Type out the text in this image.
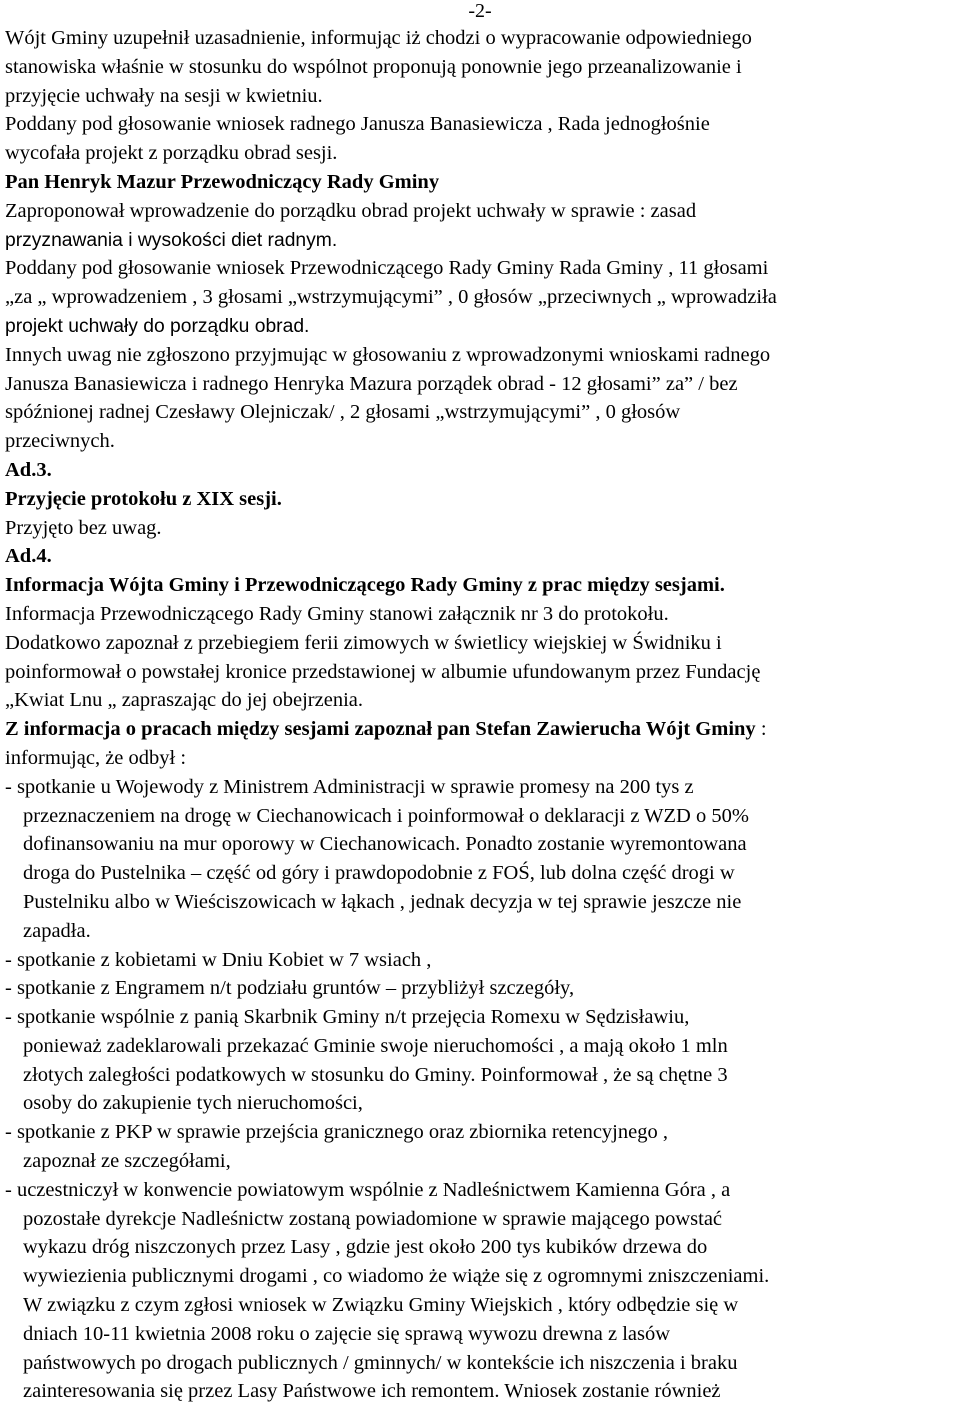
-2-
Wójt Gminy uzupełnił uzasadnienie, informując iż chodzi o wypracowanie odpowiedniego
stanowiska właśnie w stosunku do wspólnot proponują ponownie jego przeanalizowanie i
przyjęcie uchwały na sesji w kwietniu.
Poddany pod głosowanie wniosek radnego Janusza Banasiewicza , Rada jednogłośnie
wycofała projekt z porządku obrad sesji.
Pan Henryk Mazur Przewodniczący Rady Gminy
Zaproponował wprowadzenie do porządku obrad projekt uchwały w sprawie : zasad
przyznawania i wysokości diet radnym.
Poddany pod głosowanie wniosek Przewodniczącego Rady Gminy Rada Gminy , 11 głosami
„za „ wprowadzeniem , 3 głosami „wstrzymującymi” , 0 głosów „przeciwnych „ wprowadziła
projekt uchwały do porządku obrad.
Innych uwag nie zgłoszono przyjmując w głosowaniu z wprowadzonymi wnioskami radnego
Janusza Banasiewicza i radnego Henryka Mazura porządek obrad - 12 głosami” za” / bez
spóźnionej radnej Czesławy Olejniczak/ , 2 głosami „wstrzymującymi” , 0 głosów
przeciwnych.
Ad.3.
Przyjęcie protokołu z XIX sesji.
Przyjęto bez uwag.
Ad.4.
Informacja Wójta Gminy i Przewodniczącego Rady Gminy z prac między sesjami.
Informacja Przewodniczącego Rady Gminy stanowi załącznik nr 3 do protokołu.
Dodatkowo zapoznał z przebiegiem ferii zimowych w świetlicy wiejskiej w Świdniku i
poinformował o powstałej kronice przedstawionej w albumie ufundowanym przez Fundację
„Kwiat Lnu „ zapraszając do jej obejrzenia.
Z informacja o pracach między sesjami zapoznał pan Stefan Zawierucha Wójt Gminy :
informując, że odbył :
- spotkanie u Wojewody z Ministrem Administracji w sprawie promesy na 200 tys z
przeznaczeniem na drogę w Ciechanowicach i poinformował o deklaracji z WZD o 50%
dofinansowaniu na mur oporowy w Ciechanowicach. Ponadto zostanie wyremontowana
droga do Pustelnika – część od góry i prawdopodobnie z FOŚ, lub dolna część drogi w
Pustelniku albo w Wieściszowicach w łąkach , jednak decyzja w tej sprawie jeszcze nie
zapadła.
- spotkanie z kobietami w Dniu Kobiet w 7 wsiach ,
- spotkanie z Engramem n/t podziału gruntów – przybliżył szczegóły,
- spotkanie wspólnie z panią Skarbnik Gminy n/t przejęcia Romexu w Sędzisławiu,
ponieważ zadeklarowali przekazać Gminie swoje nieruchomości , a mają około 1 mln
złotych zaległości podatkowych w stosunku do Gminy. Poinformował , że są chętne 3
osoby do zakupienie tych nieruchomości,
- spotkanie z PKP w sprawie przejścia granicznego oraz zbiornika retencyjnego ,
zapoznał ze szczegółami,
- uczestniczył w konwencie powiatowym wspólnie z Nadleśnictwem Kamienna Góra , a
pozostałe dyrekcje Nadleśnictw zostaną powiadomione w sprawie mającego powstać
wykazu dróg niszczonych przez Lasy , gdzie jest około 200 tys kubików drzewa do
wywiezienia publicznymi drogami , co wiadomo że wiąże się z ogromnymi zniszczeniami.
W związku z czym zgłosi wniosek w Związku Gminy Wiejskich , który odbędzie się w
dniach 10-11 kwietnia 2008 roku o zajęcie się sprawą wywozu drewna z lasów
państwowych po drogach publicznych / gminnych/ w kontekście ich niszczenia i braku
zainteresowania się przez Lasy Państwowe ich remontem. Wniosek zostanie również
